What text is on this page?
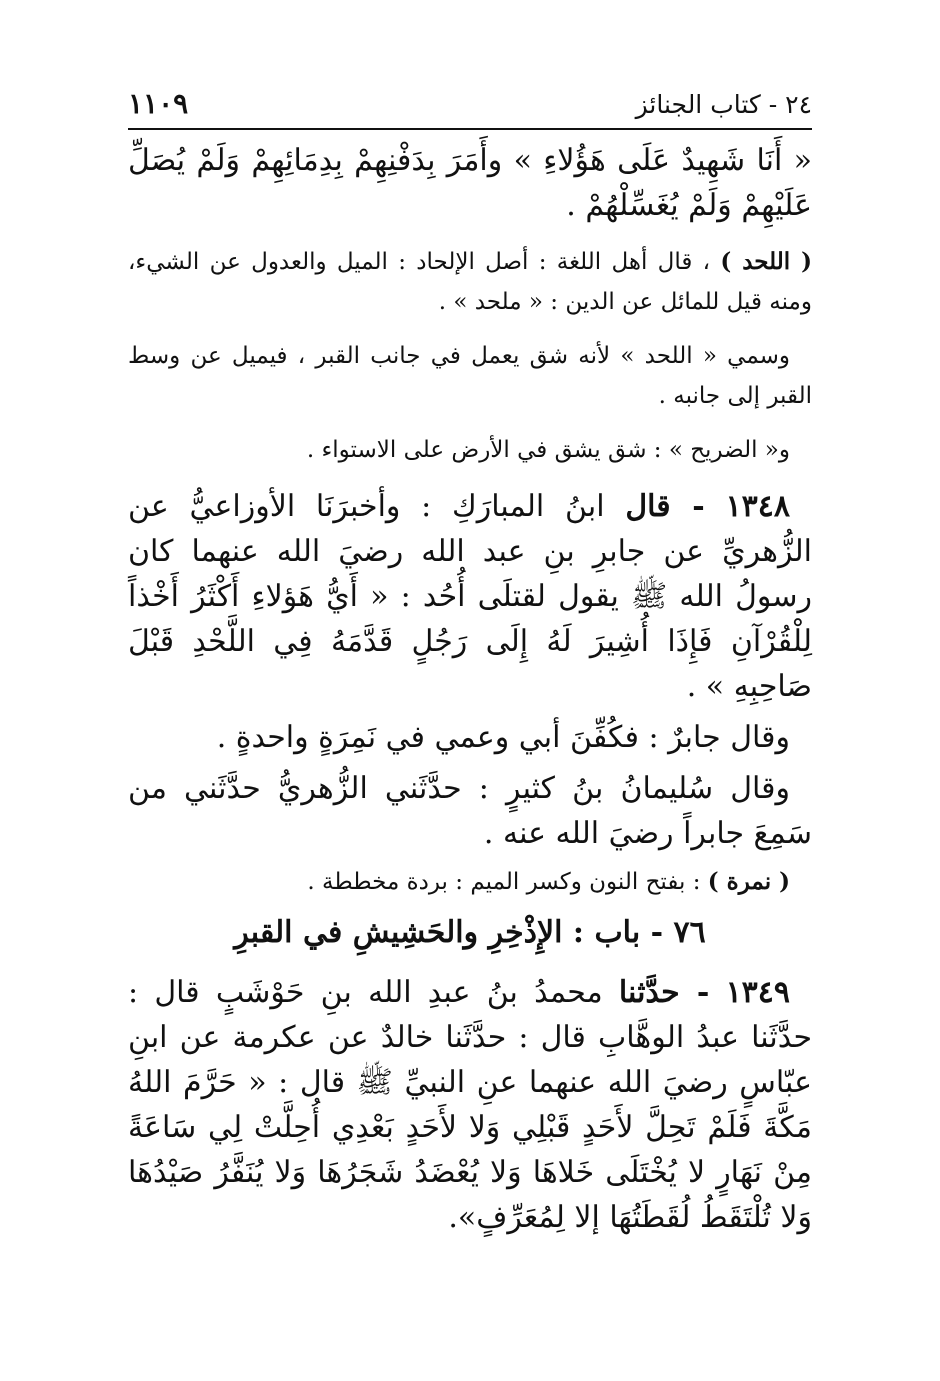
٢٤ - كتاب الجنائز
١١٠٩

« أَنَا شَهِيدٌ عَلَى هَؤُلاءِ » وأَمَرَ بِدَفْنِهِمْ بِدِمَائِهِمْ وَلَمْ يُصَلِّ عَلَيْهِمْ وَلَمْ يُغَسِّلْهُمْ .

( اللحد ) ، قال أهل اللغة : أصل الإلحاد : الميل والعدول عن الشيء، ومنه قيل للمائل عن الدين : « ملحد » .

وسمي « اللحد » لأنه شق يعمل في جانب القبر ، فيميل عن وسط القبر إلى جانبه .

و« الضريح » : شق يشق في الأرض على الاستواء .

١٣٤٨ - قال ابنُ المبارَكِ : وأخبرَنَا الأوزاعيُّ عن الزُّهريِّ عن جابرِ بنِ عبد الله رضيَ الله عنهما كان رسولُ الله ﷺ يقول لقتلَى أُحُد : « أَيُّ هَؤلاءِ أَكْثَرُ أَخْذاً لِلْقُرْآنِ فَإِذَا أُشِيرَ لَهُ إِلَى رَجُلٍ قَدَّمَهُ فِي اللَّحْدِ قَبْلَ صَاحِبِهِ » .

وقال جابرٌ : فكُفِّنَ أبي وعمي في نَمِرَةٍ واحدةٍ .

وقال سُليمانُ بنُ كثيرٍ : حدَّثَني الزُّهريُّ حدَّثَني من سَمِعَ جابراً رضيَ الله عنه .

( نمرة ) : بفتح النون وكسر الميم : بردة مخططة .

٧٦ - باب : الإِذْخِرِ والحَشِيشِ في القبرِ

١٣٤٩ - حدَّثنا محمدُ بنُ عبدِ الله بنِ حَوْشَبٍ قال : حدَّثَنا عبدُ الوهَّابِ قال : حدَّثَنا خالدٌ عن عكرمة عن ابنِ عبّاسٍ رضيَ الله عنهما عنِ النبيِّ ﷺ قال : « حَرَّمَ اللهُ مَكَّةَ فَلَمْ تَحِلَّ لأَحَدٍ قَبْلِي وَلا لأَحَدٍ بَعْدِي أُحِلَّتْ لِي سَاعَةً مِنْ نَهَارٍ لا يُخْتَلَى خَلاهَا وَلا يُعْضَدُ شَجَرُهَا وَلا يُنَفَّرُ صَيْدُهَا وَلا تُلْتَقَطُ لُقَطَتُهَا إلا لِمُعَرِّفٍ».
